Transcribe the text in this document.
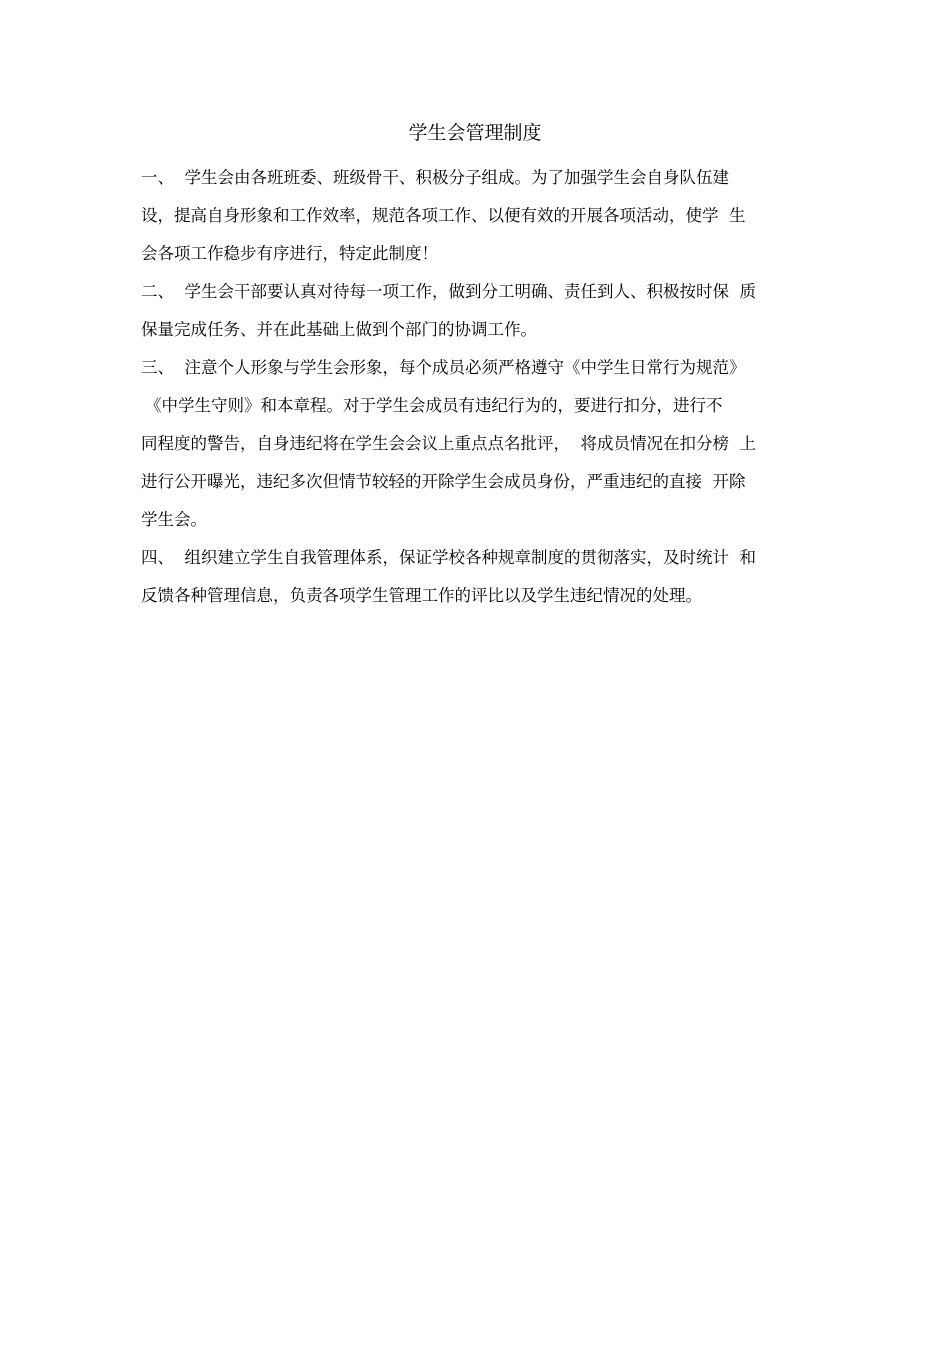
学生会管理制度
一、  学生会由各班班委、班级骨干、积极分子组成。为了加强学生会自身队伍建
设，提高自身形象和工作效率，规范各项工作、以便有效的开展各项活动，使学  生
会各项工作稳步有序进行，特定此制度！
二、  学生会干部要认真对待每一项工作，做到分工明确、责任到人、积极按时保  质
保量完成任务、并在此基础上做到个部门的协调工作。
三、  注意个人形象与学生会形象，每个成员必须严格遵守《中学生日常行为规范》
《中学生守则》和本章程。对于学生会成员有违纪行为的，要进行扣分，进行不
同程度的警告，自身违纪将在学生会会议上重点点名批评，  将成员情况在扣分榜  上
进行公开曝光，违纪多次但情节较轻的开除学生会成员身份，严重违纪的直接  开除
学生会。
四、  组织建立学生自我管理体系，保证学校各种规章制度的贯彻落实，及时统计  和
反馈各种管理信息，负责各项学生管理工作的评比以及学生违纪情况的处理。
